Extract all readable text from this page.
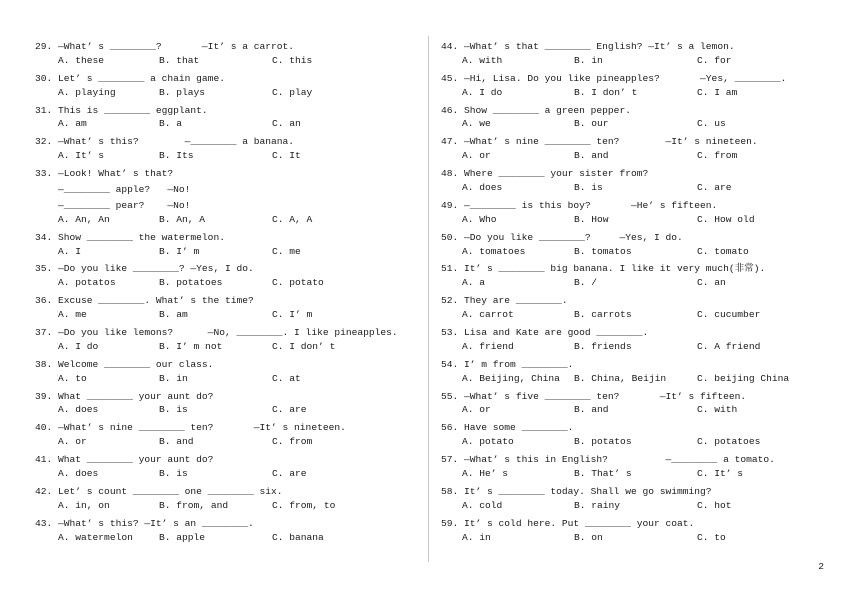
29. —What’ s ________?       —It’ s a carrot.
A. these	B. that	C. this
30. Let’ s ________ a chain game.
A. playing	B. plays	C. play
31. This is ________ eggplant.
A. am	B. a	C. an
32. —What’ s this?        —________ a banana.
A. It’ s	B. Its	C. It
33. —Look! What’ s that?
—________ apple?   —No!
—________ pear?    —No!
A. An, An	B. An, A	C. A, A
34. Show ________ the watermelon.
A. I	B. I’ m	C. me
35. —Do you like ________? —Yes, I do.
A. potatos	B. potatoes	C. potato
36. Excuse ________. What’ s the time?
A. me	B. am	C. I’ m
37. —Do you like lemons?      —No, ________. I like pineapples.
A. I do	B. I’ m not	C. I don’ t
38. Welcome ________ our class.
A. to	B. in	C. at
39. What ________ your aunt do?
A. does	B. is	C. are
40. —What’ s nine ________ ten?       —It’ s nineteen.
A. or	B. and	C. from
41. What ________ your aunt do?
A. does	B. is	C. are
42. Let’ s count ________ one ________ six.
A. in, on	B. from, and	C. from, to
43. —What’ s this? —It’ s an ________.
A. watermelon	B. apple	C. banana
44. —What’ s that ________ English? —It’ s a lemon.
A. with	B. in	C. for
45. —Hi, Lisa. Do you like pineapples?       —Yes, ________.
A. I do	B. I don’ t	C. I am
46. Show ________ a green pepper.
A. we	B. our	C. us
47. —What’ s nine ________ ten?        —It’ s nineteen.
A. or	B. and	C. from
48. Where ________ your sister from?
A. does	B. is	C. are
49. —________ is this boy?       —He’ s fifteen.
A. Who	B. How	C. How old
50. —Do you like ________?     —Yes, I do.
A. tomatoes	B. tomatos	C. tomato
51. It’ s ________ big banana. I like it very much(非常).
A. a	B. /	C. an
52. They are ________.
A. carrot	B. carrots	C. cucumber
53. Lisa and Kate are good ________.
A. friend	B. friends	C. A friend
54. I’ m from ________.
A. Beijing, China B. China, Beijin	C. beijing China
55. —What’ s five ________ ten?       —It’ s fifteen.
A. or	B. and	C. with
56. Have some ________.
A. potato	B. potatos	C. potatoes
57. —What’ s this in English?          —________ a tomato.
A. He’ s	B. That’ s	C. It’ s
58. It’ s ________ today. Shall we go swimming?
A. cold	B. rainy	C. hot
59. It’ s cold here. Put ________ your coat.
A. in	B. on	C. to
2
